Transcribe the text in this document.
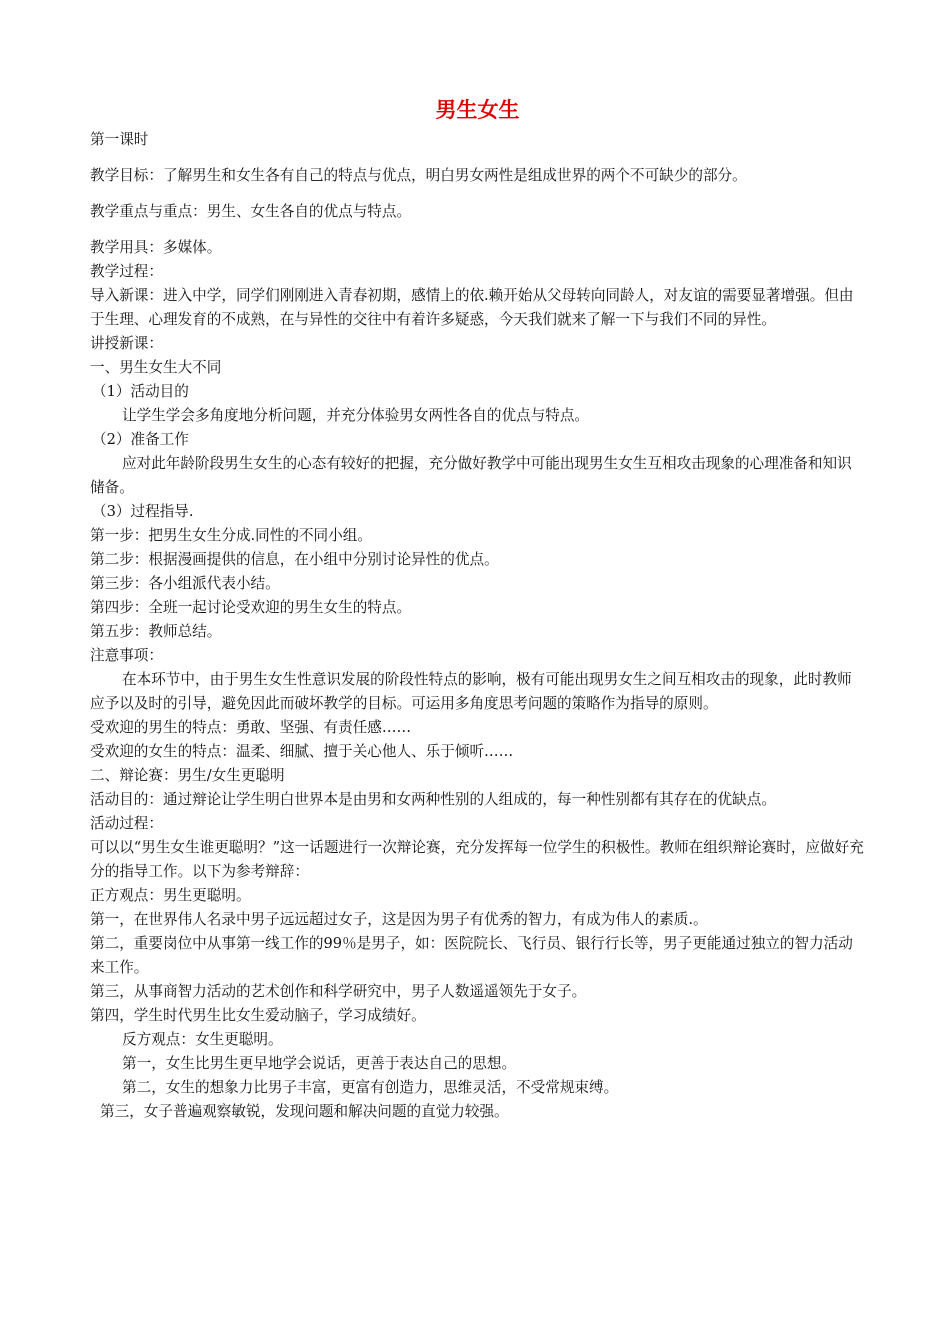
男生女生

第一课时

教学目标：了解男生和女生各有自己的特点与优点，明白男女两性是组成世界的两个不可缺少的部分。

教学重点与重点：男生、女生各自的优点与特点。

教学用具：多媒体。

教学过程：

导入新课：进入中学，同学们刚刚进入青春初期，感情上的依.赖开始从父母转向同龄人，对友谊的需要显著增强。但由于生理、心理发育的不成熟，在与异性的交往中有着许多疑惑，今天我们就来了解一下与我们不同的异性。

讲授新课：

一、男生女生大不同

（1）活动目的

让学生学会多角度地分析问题，并充分体验男女两性各自的优点与特点。

（2）准备工作

应对此年龄阶段男生女生的心态有较好的把握，充分做好教学中可能出现男生女生互相攻击现象的心理准备和知识储备。

（3）过程指导.

第一步：把男生女生分成.同性的不同小组。

第二步：根据漫画提供的信息，在小组中分别讨论异性的优点。

第三步：各小组派代表小结。

第四步：全班一起讨论受欢迎的男生女生的特点。

第五步：教师总结。

注意事项：

在本环节中，由于男生女生性意识发展的阶段性特点的影响，极有可能出现男女生之间互相攻击的现象，此时教师应予以及时的引导，避免因此而破坏教学的目标。可运用多角度思考问题的策略作为指导的原则。

受欢迎的男生的特点：勇敢、坚强、有责任感……

受欢迎的女生的特点：温柔、细腻、擅于关心他人、乐于倾听……

二、辩论赛：男生/女生更聪明

活动目的：通过辩论让学生明白世界本是由男和女两种性别的人组成的，每一种性别都有其存在的优缺点。

活动过程：

可以以“男生女生谁更聪明？”这一话题进行一次辩论赛，充分发挥每一位学生的积极性。教师在组织辩论赛时，应做好充分的指导工作。以下为参考辩辞：

正方观点：男生更聪明。

第一，在世界伟人名录中男子远远超过女子，这是因为男子有优秀的智力，有成为伟人的素质.。

第二，重要岗位中从事第一线工作的99％是男子，如：医院院长、飞行员、银行行长等，男子更能通过独立的智力活动来工作。

第三，从事商智力活动的艺术创作和科学研究中，男子人数遥遥领先于女子。

第四，学生时代男生比女生爱动脑子，学习成绩好。

反方观点：女生更聪明。

第一，女生比男生更早地学会说话，更善于表达自己的思想。

第二，女生的想象力比男子丰富，更富有创造力，思维灵活，不受常规束缚。

第三，女子普遍观察敏锐，发现问题和解决问题的直觉力较强。
